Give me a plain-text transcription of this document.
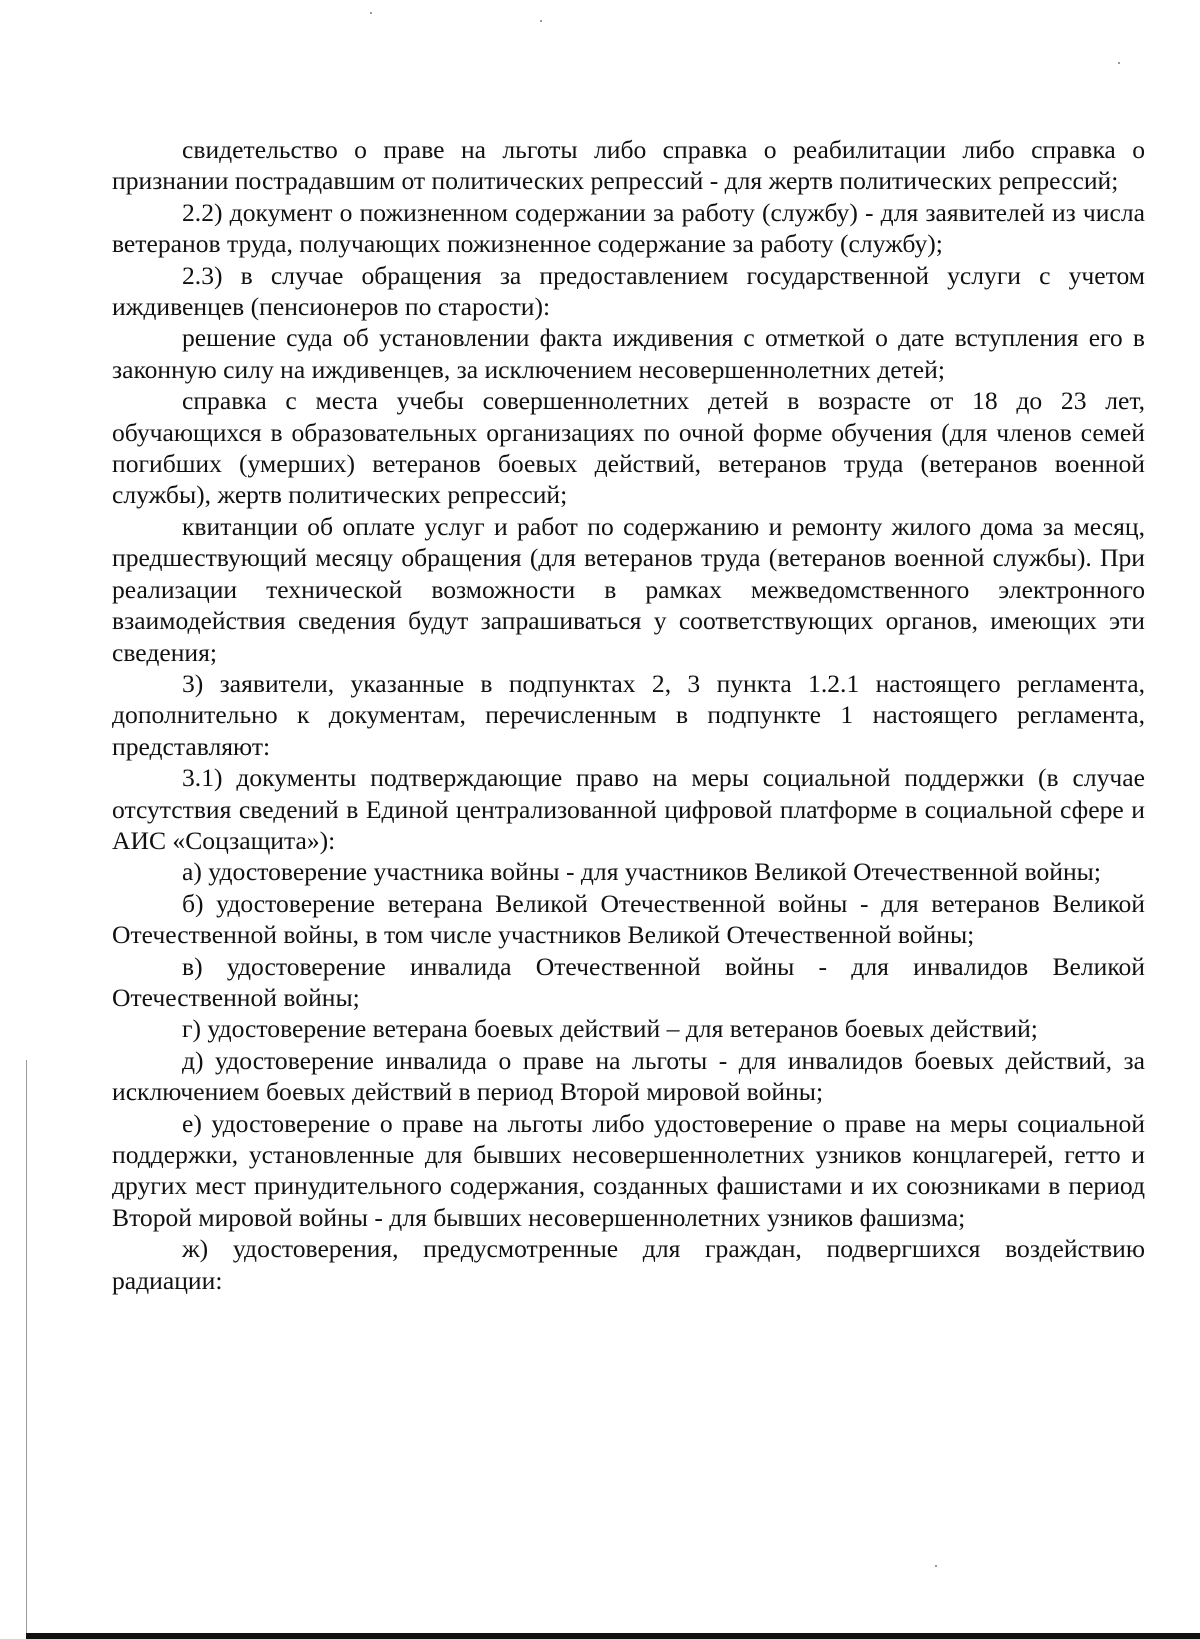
свидетельство о праве на льготы либо справка о реабилитации либо справка о признании пострадавшим от политических репрессий - для жертв политических репрессий;

2.2) документ о пожизненном содержании за работу (службу) - для заявителей из числа ветеранов труда, получающих пожизненное содержание за работу (службу);

2.3) в случае обращения за предоставлением государственной услуги с учетом иждивенцев (пенсионеров по старости):

решение суда об установлении факта иждивения с отметкой о дате вступления его в законную силу на иждивенцев, за исключением несовершеннолетних детей;

справка с места учебы совершеннолетних детей в возрасте от 18 до 23 лет, обучающихся в образовательных организациях по очной форме обучения (для членов семей погибших (умерших) ветеранов боевых действий, ветеранов труда (ветеранов военной службы), жертв политических репрессий;

квитанции об оплате услуг и работ по содержанию и ремонту жилого дома за месяц, предшествующий месяцу обращения (для ветеранов труда (ветеранов военной службы). При реализации технической возможности в рамках межведомственного электронного взаимодействия сведения будут запрашиваться у соответствующих органов, имеющих эти сведения;

3) заявители, указанные в подпунктах 2, 3 пункта 1.2.1 настоящего регламента, дополнительно к документам, перечисленным в подпункте 1 настоящего регламента, представляют:

3.1) документы подтверждающие право на меры социальной поддержки (в случае отсутствия сведений в Единой централизованной цифровой платформе в социальной сфере и АИС «Соцзащита»):

а) удостоверение участника войны - для участников Великой Отечественной войны;

б) удостоверение ветерана Великой Отечественной войны - для ветеранов Великой Отечественной войны, в том числе участников Великой Отечественной войны;

в) удостоверение инвалида Отечественной войны - для инвалидов Великой Отечественной войны;

г) удостоверение ветерана боевых действий – для ветеранов боевых действий;

д) удостоверение инвалида о праве на льготы - для инвалидов боевых действий, за исключением боевых действий в период Второй мировой войны;

е) удостоверение о праве на льготы либо удостоверение о праве на меры социальной поддержки, установленные для бывших несовершеннолетних узников концлагерей, гетто и других мест принудительного содержания, созданных фашистами и их союзниками в период Второй мировой войны - для бывших несовершеннолетних узников фашизма;

ж) удостоверения, предусмотренные для граждан, подвергшихся воздействию радиации:
